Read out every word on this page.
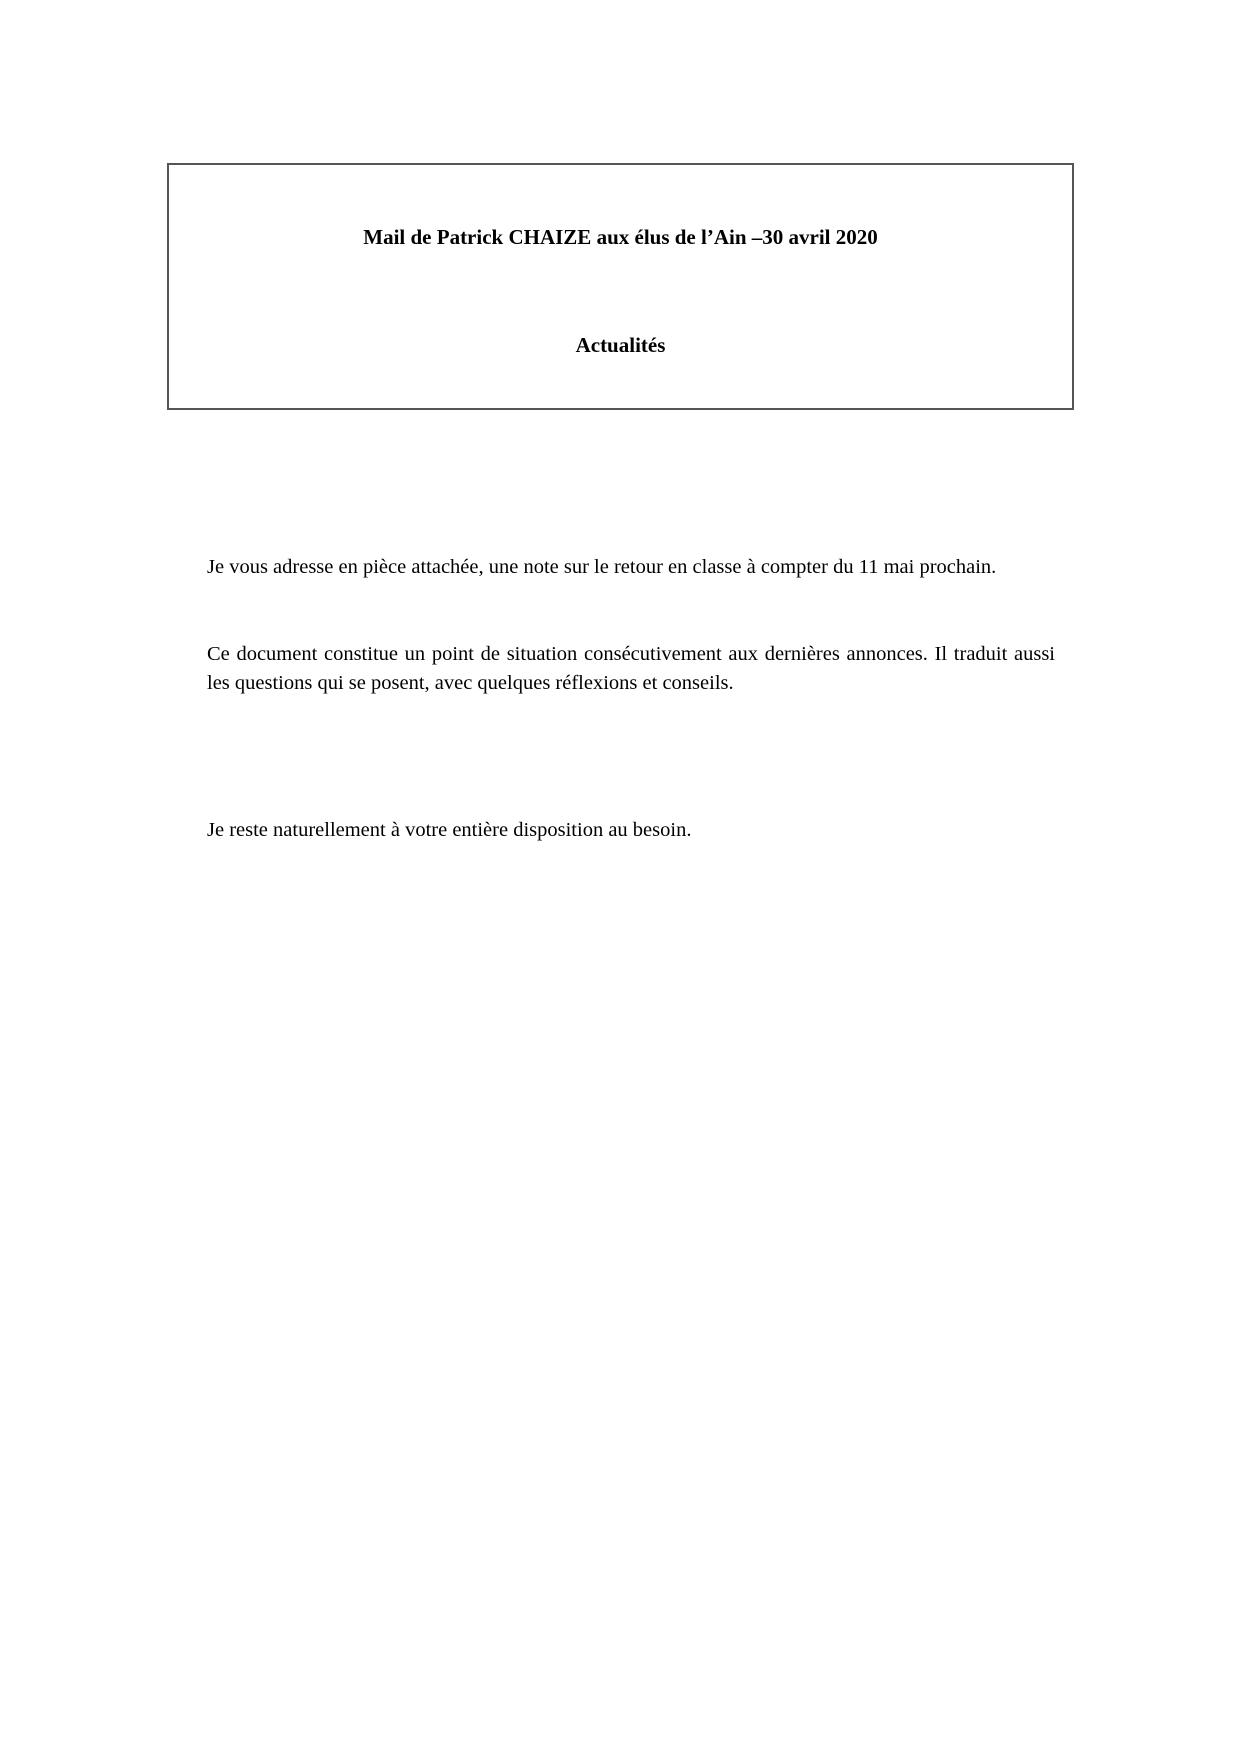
Mail de Patrick CHAIZE aux élus de l’Ain –30 avril 2020
Actualités

Je vous adresse en pièce attachée, une note sur le retour en classe à compter du 11 mai prochain.

Ce document constitue un point de situation consécutivement aux dernières annonces. Il traduit aussi les questions qui se posent, avec quelques réflexions et conseils.

Je reste naturellement à votre entière disposition au besoin.
